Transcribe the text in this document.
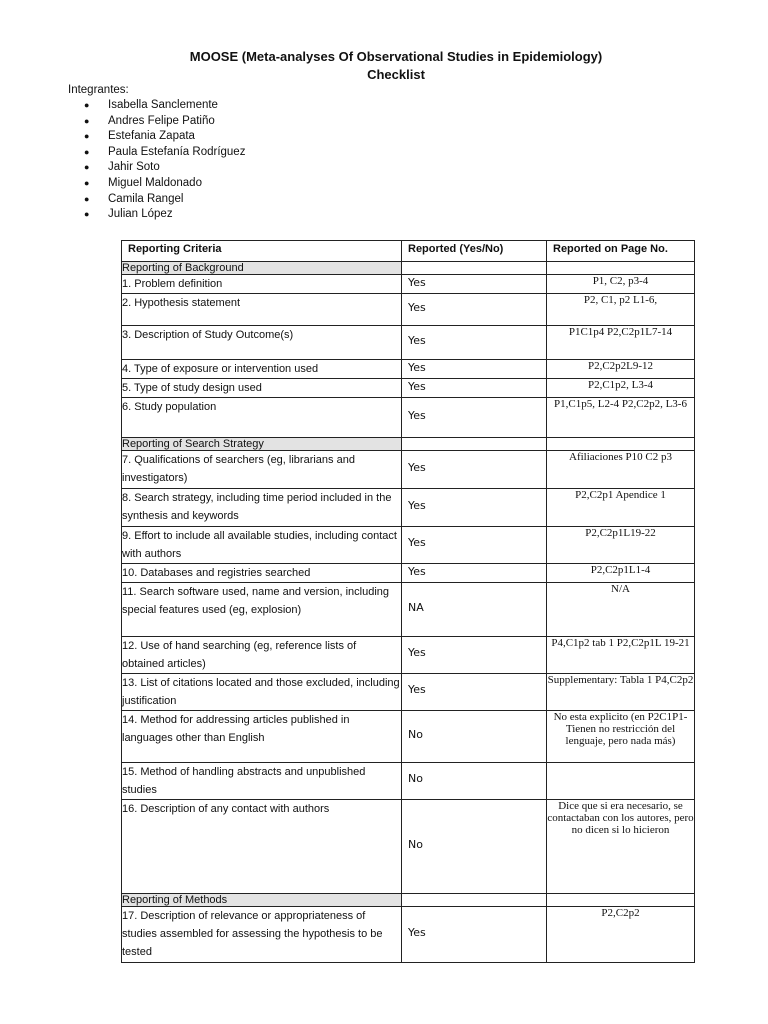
MOOSE (Meta-analyses Of Observational Studies in Epidemiology)
Checklist
Integrantes:
● Isabella Sanclemente
● Andres Felipe Patiño
● Estefania Zapata
● Paula Estefanía Rodríguez
● Jahir Soto
● Miguel Maldonado
● Camila Rangel
● Julian López
Reporting Criteria	Reported (Yes/No)	Reported on Page No.
Reporting of Background		
1. Problem definition	Yes	P1, C2, p3-4

2. Hypothesis statement	Yes	P2, C1, p2 L1-6,

3. Description of Study Outcome(s)	Yes	P1C1p4 P2,C2p1L7-14

4. Type of exposure or intervention used	Yes	P2,C2p2L9-12

5. Type of study design used	Yes	P2,C1p2, L3-4

6. Study population	Yes	P1,C1p5, L2-4 P2,C2p2, L3-6

Reporting of Search Strategy		
7. Qualifications of searchers (eg, librarians and investigators)	Yes	Afiliaciones P10 C2 p3

8. Search strategy, including time period included in the synthesis and keywords	Yes	P2,C2p1 Apendice 1

9. Effort to include all available studies, including contact with authors	Yes	P2,C2p1L19-22

10. Databases and registries searched	Yes	P2,C2p1L1-4

11. Search software used, name and version, including special features used (eg, explosion)	NA	N/A

12. Use of hand searching (eg, reference lists of obtained articles)	Yes	P4,C1p2 tab 1 P2,C2p1L 19-21

13. List of citations located and those excluded, including justification	Yes	Supplementary: Tabla 1 P4,C2p2

14. Method for addressing articles published in languages other than English	No	No esta explicito (en P2C1P1-Tienen no restricción del lenguaje, pero nada más)

15. Method of handling abstracts and unpublished studies	No	

16. Description of any contact with authors	No	Dice que si era necesario, se contactaban con los autores, pero no dicen si lo hicieron

Reporting of Methods		
17. Description of relevance or appropriateness of studies assembled for assessing the hypothesis to be tested	Yes	P2,C2p2
